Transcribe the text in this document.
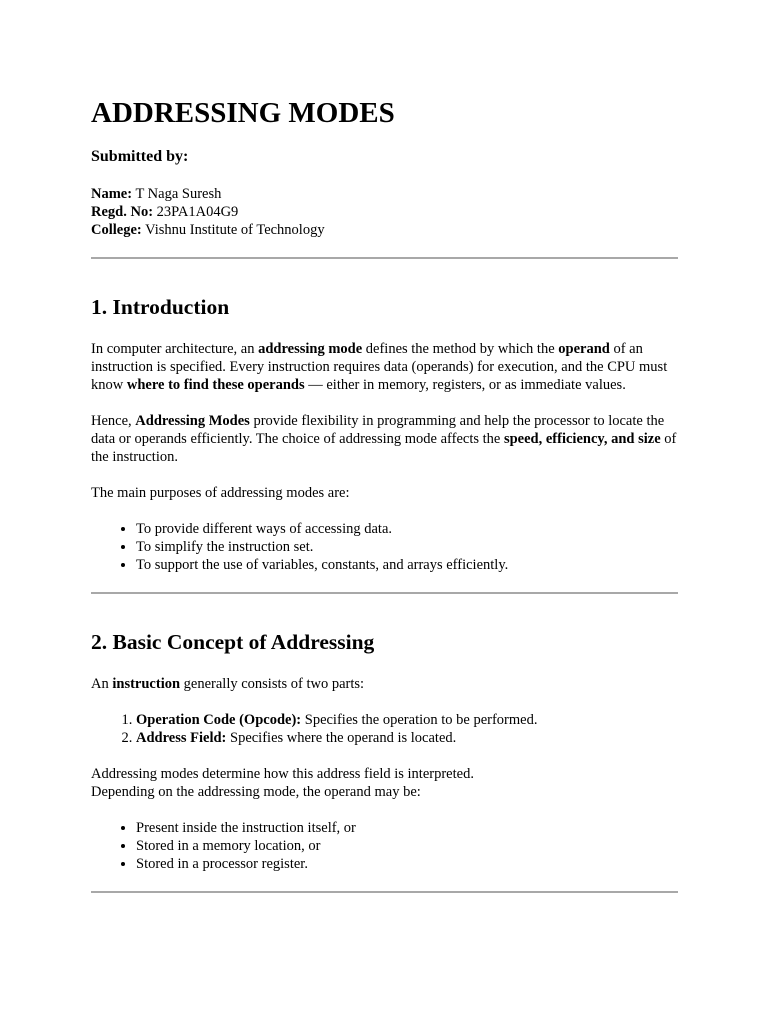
ADDRESSING MODES
Submitted by:
Name: T Naga Suresh
Regd. No: 23PA1A04G9
College: Vishnu Institute of Technology
1. Introduction

In computer architecture, an addressing mode defines the method by which the operand of an instruction is specified. Every instruction requires data (operands) for execution, and the CPU must know where to find these operands — either in memory, registers, or as immediate values.

Hence, Addressing Modes provide flexibility in programming and help the processor to locate the data or operands efficiently. The choice of addressing mode affects the speed, efficiency, and size of the instruction.

The main purposes of addressing modes are:

• To provide different ways of accessing data.
• To simplify the instruction set.
• To support the use of variables, constants, and arrays efficiently.
2. Basic Concept of Addressing

An instruction generally consists of two parts:

1. Operation Code (Opcode): Specifies the operation to be performed.
2. Address Field: Specifies where the operand is located.

Addressing modes determine how this address field is interpreted.
Depending on the addressing mode, the operand may be:

• Present inside the instruction itself, or
• Stored in a memory location, or
• Stored in a processor register.
